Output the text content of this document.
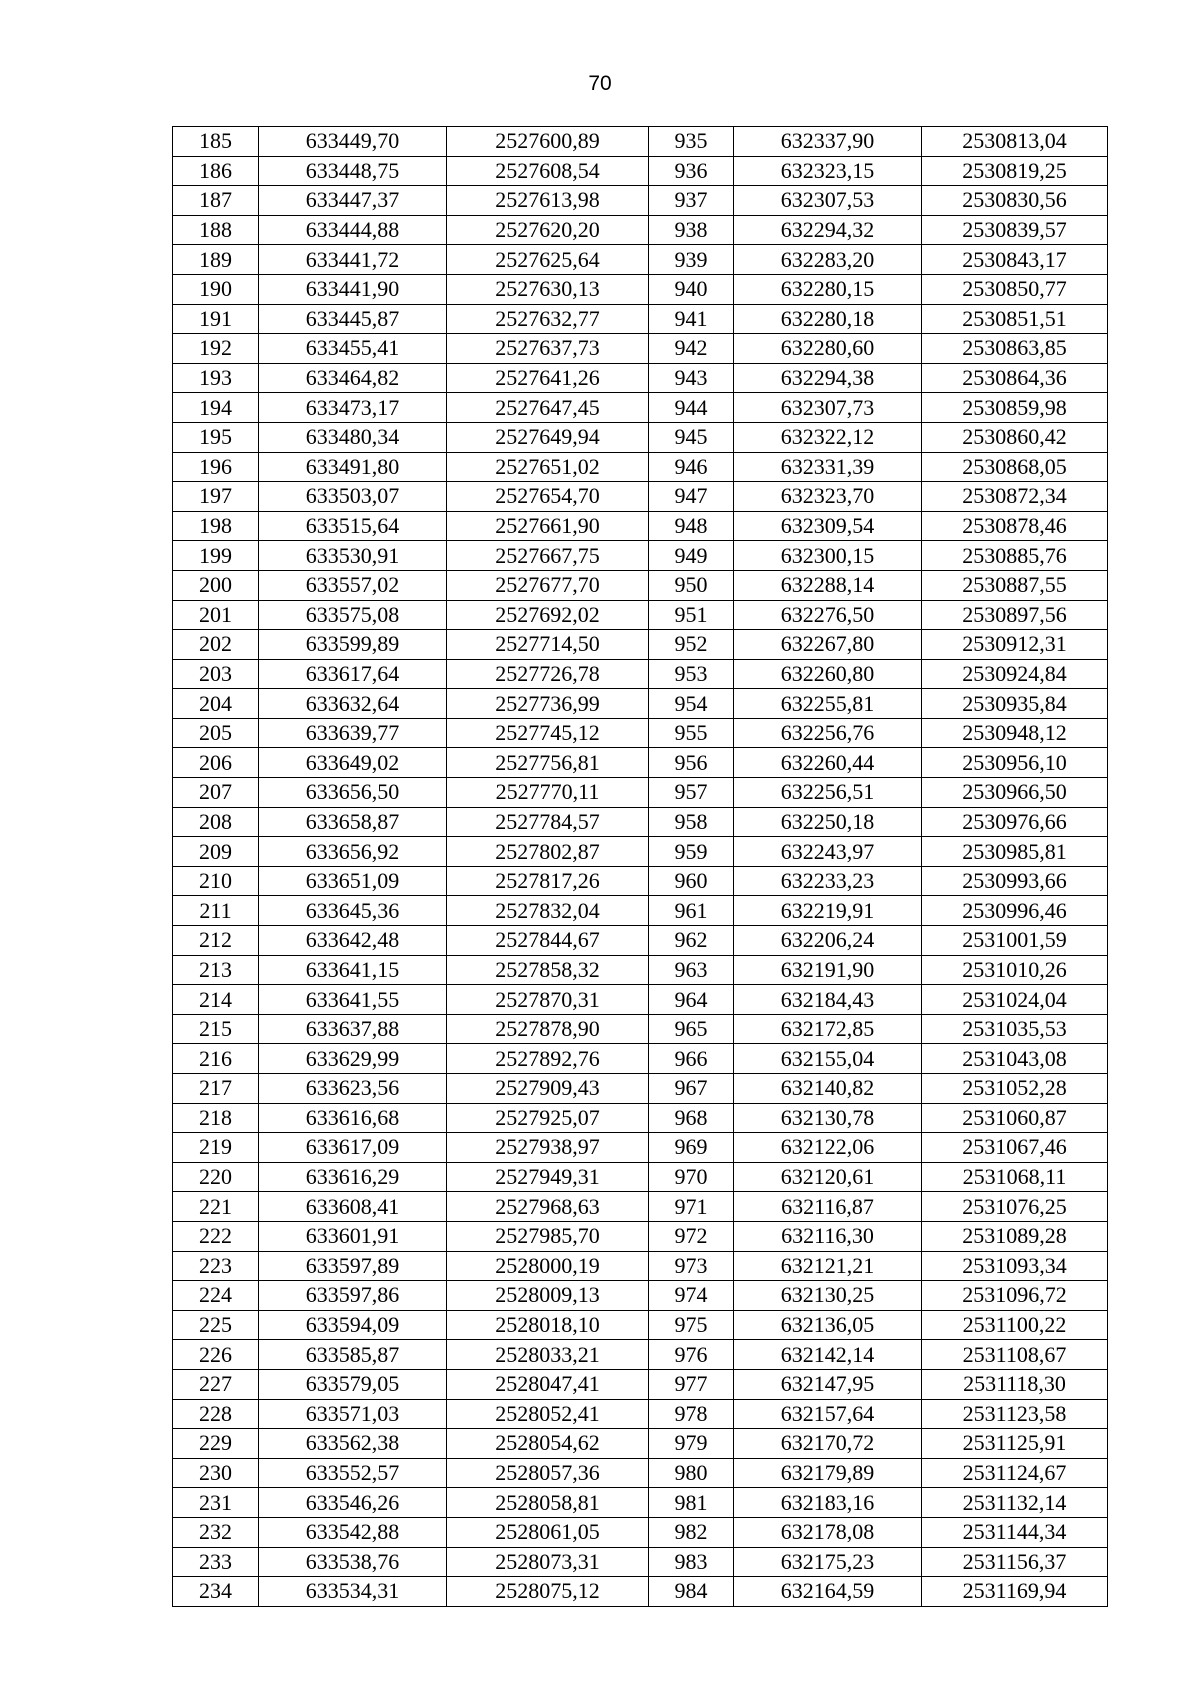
70
185	633449,70	2527600,89	935	632337,90	2530813,04
186	633448,75	2527608,54	936	632323,15	2530819,25
187	633447,37	2527613,98	937	632307,53	2530830,56
188	633444,88	2527620,20	938	632294,32	2530839,57
189	633441,72	2527625,64	939	632283,20	2530843,17
190	633441,90	2527630,13	940	632280,15	2530850,77
191	633445,87	2527632,77	941	632280,18	2530851,51
192	633455,41	2527637,73	942	632280,60	2530863,85
193	633464,82	2527641,26	943	632294,38	2530864,36
194	633473,17	2527647,45	944	632307,73	2530859,98
195	633480,34	2527649,94	945	632322,12	2530860,42
196	633491,80	2527651,02	946	632331,39	2530868,05
197	633503,07	2527654,70	947	632323,70	2530872,34
198	633515,64	2527661,90	948	632309,54	2530878,46
199	633530,91	2527667,75	949	632300,15	2530885,76
200	633557,02	2527677,70	950	632288,14	2530887,55
201	633575,08	2527692,02	951	632276,50	2530897,56
202	633599,89	2527714,50	952	632267,80	2530912,31
203	633617,64	2527726,78	953	632260,80	2530924,84
204	633632,64	2527736,99	954	632255,81	2530935,84
205	633639,77	2527745,12	955	632256,76	2530948,12
206	633649,02	2527756,81	956	632260,44	2530956,10
207	633656,50	2527770,11	957	632256,51	2530966,50
208	633658,87	2527784,57	958	632250,18	2530976,66
209	633656,92	2527802,87	959	632243,97	2530985,81
210	633651,09	2527817,26	960	632233,23	2530993,66
211	633645,36	2527832,04	961	632219,91	2530996,46
212	633642,48	2527844,67	962	632206,24	2531001,59
213	633641,15	2527858,32	963	632191,90	2531010,26
214	633641,55	2527870,31	964	632184,43	2531024,04
215	633637,88	2527878,90	965	632172,85	2531035,53
216	633629,99	2527892,76	966	632155,04	2531043,08
217	633623,56	2527909,43	967	632140,82	2531052,28
218	633616,68	2527925,07	968	632130,78	2531060,87
219	633617,09	2527938,97	969	632122,06	2531067,46
220	633616,29	2527949,31	970	632120,61	2531068,11
221	633608,41	2527968,63	971	632116,87	2531076,25
222	633601,91	2527985,70	972	632116,30	2531089,28
223	633597,89	2528000,19	973	632121,21	2531093,34
224	633597,86	2528009,13	974	632130,25	2531096,72
225	633594,09	2528018,10	975	632136,05	2531100,22
226	633585,87	2528033,21	976	632142,14	2531108,67
227	633579,05	2528047,41	977	632147,95	2531118,30
228	633571,03	2528052,41	978	632157,64	2531123,58
229	633562,38	2528054,62	979	632170,72	2531125,91
230	633552,57	2528057,36	980	632179,89	2531124,67
231	633546,26	2528058,81	981	632183,16	2531132,14
232	633542,88	2528061,05	982	632178,08	2531144,34
233	633538,76	2528073,31	983	632175,23	2531156,37
234	633534,31	2528075,12	984	632164,59	2531169,94
